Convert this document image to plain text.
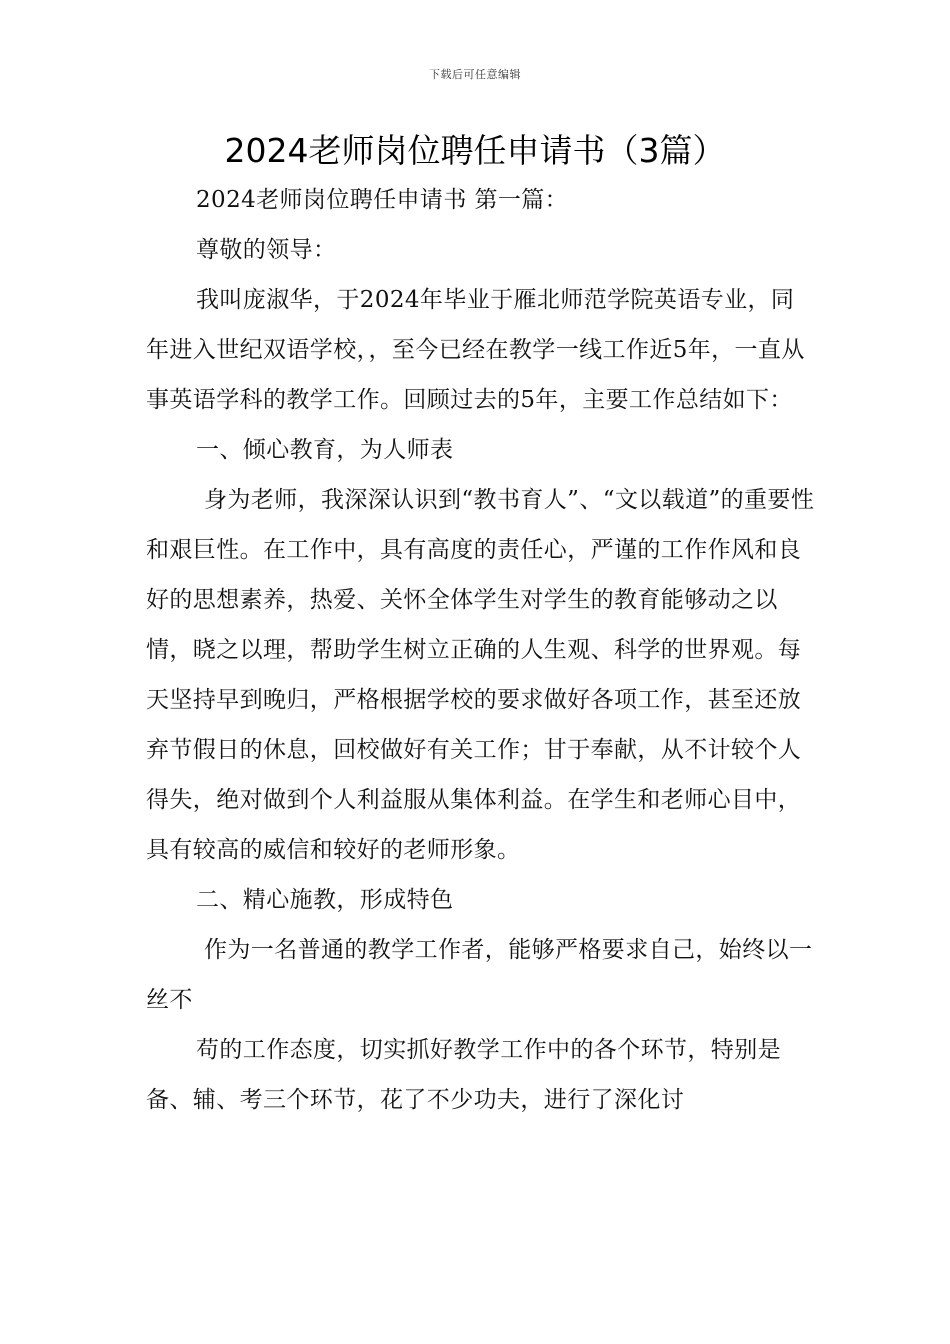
下载后可任意编辑
2024老师岗位聘任申请书（3篇）

2024老师岗位聘任申请书 第一篇：

尊敬的领导：

我叫庞淑华，于2024年毕业于雁北师范学院英语专业，同年进入世纪双语学校，，至今已经在教学一线工作近5年，一直从事英语学科的教学工作。回顾过去的5年，主要工作总结如下：

一、倾心教育，为人师表

身为老师，我深深认识到“教书育人”、“文以载道”的重要性和艰巨性。在工作中，具有高度的责任心，严谨的工作作风和良好的思想素养，热爱、关怀全体学生对学生的教育能够动之以情，晓之以理，帮助学生树立正确的人生观、科学的世界观。每天坚持早到晚归，严格根据学校的要求做好各项工作，甚至还放弃节假日的休息，回校做好有关工作；甘于奉献，从不计较个人得失，绝对做到个人利益服从集体利益。在学生和老师心目中，具有较高的威信和较好的老师形象。

二、精心施教，形成特色

作为一名普通的教学工作者，能够严格要求自己，始终以一丝不

苟的工作态度，切实抓好教学工作中的各个环节，特别是备、辅、考三个环节，花了不少功夫，进行了深化讨
